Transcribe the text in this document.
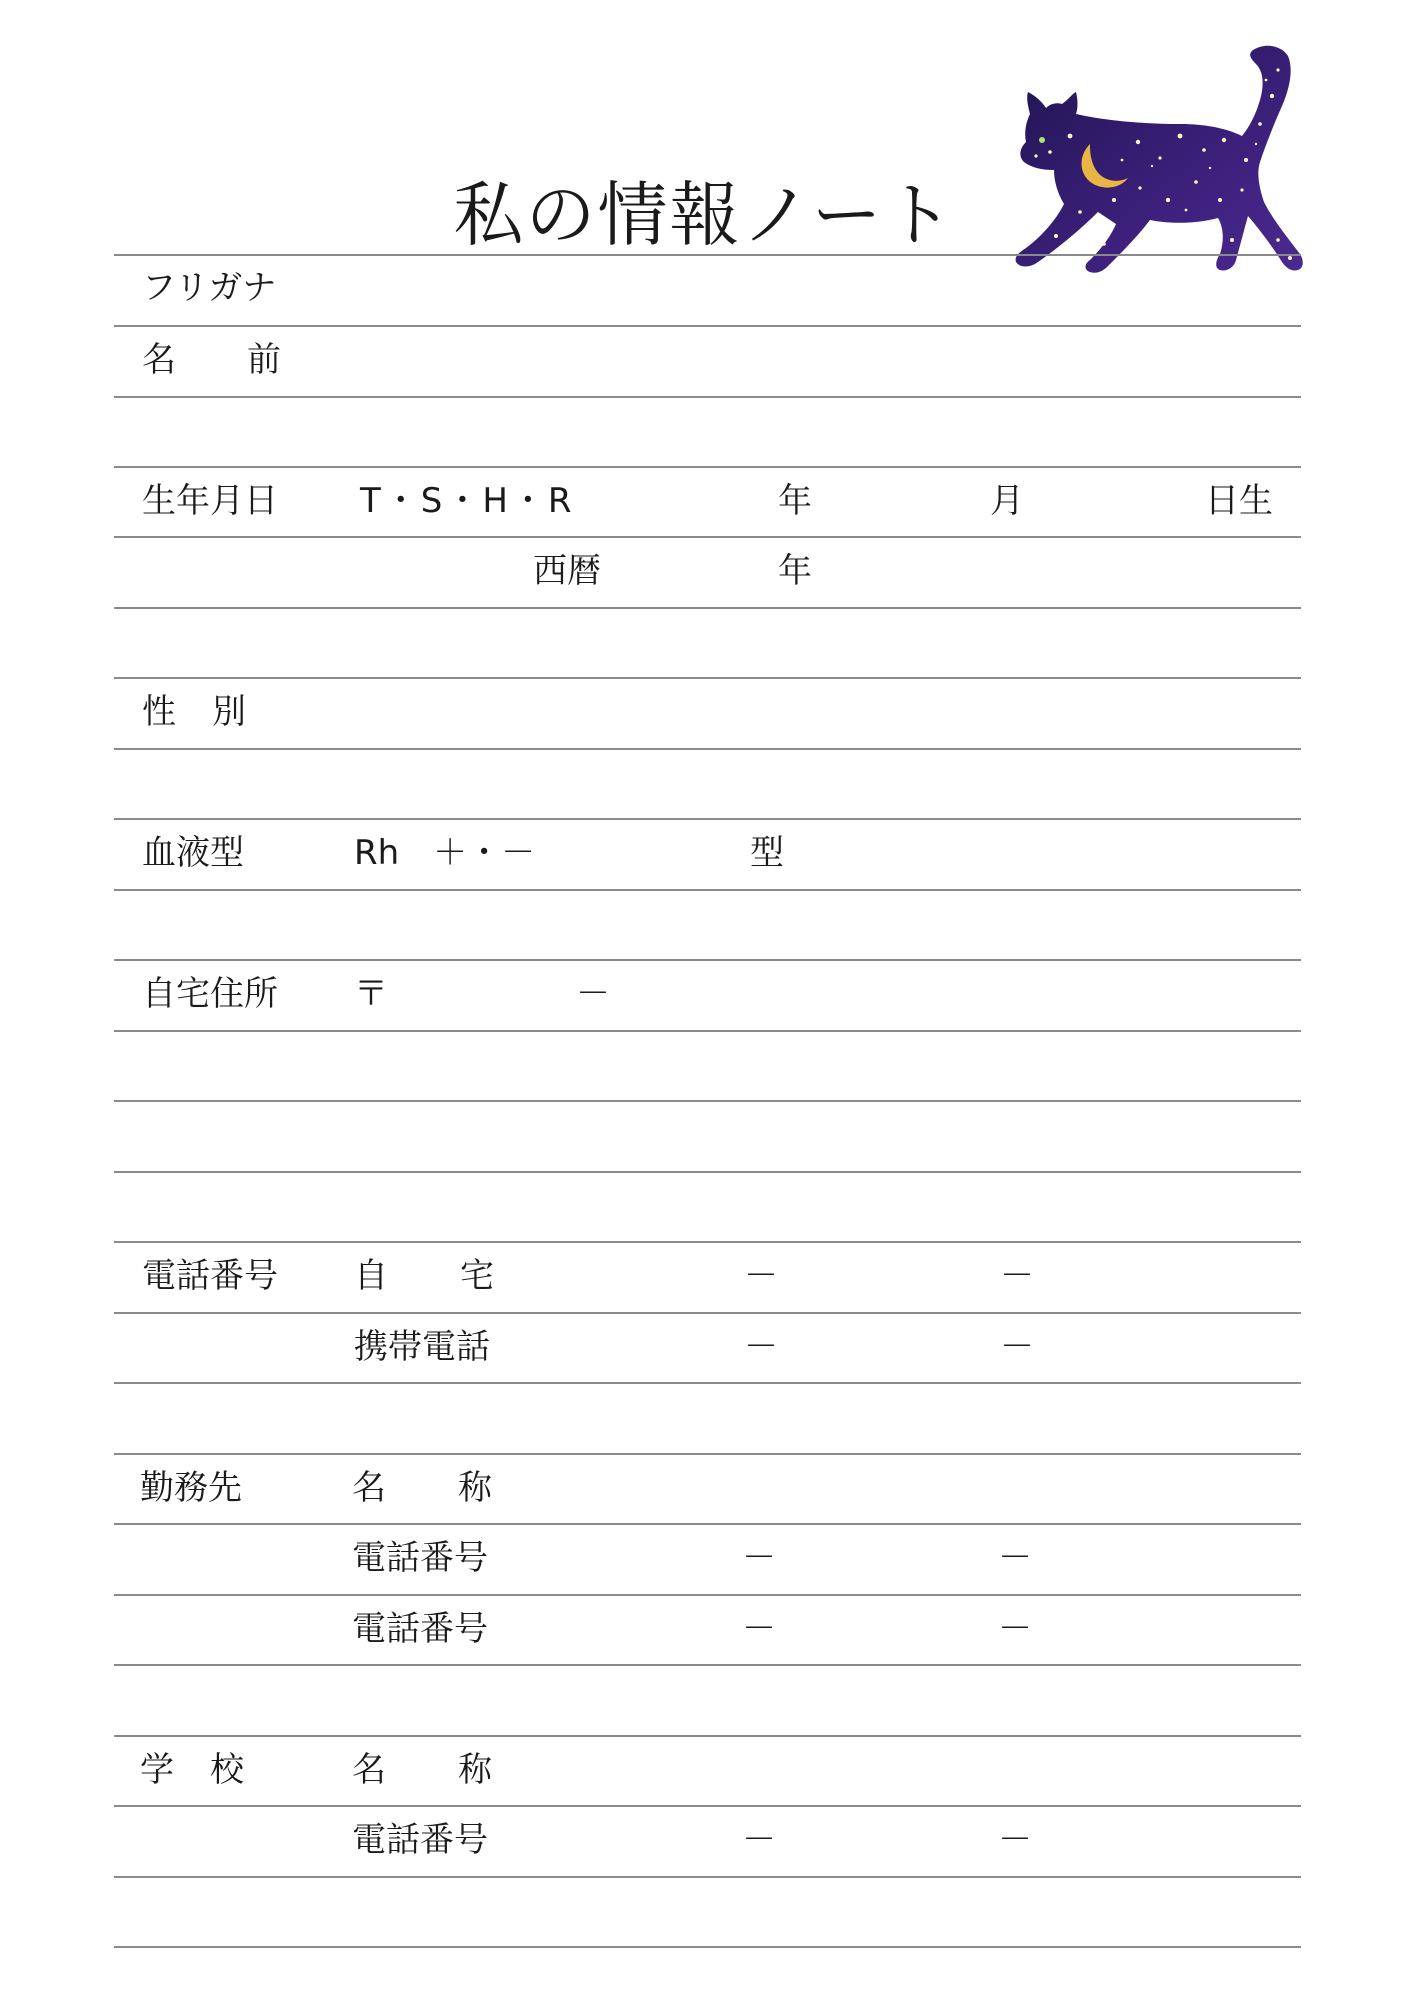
私の情報ノート
フリガナ
名 前
生年月日 T・S・H・R	年	月	日生
西暦	年
性 別
血液型	Rh　＋・－	型
自宅住所 〒	－
電話番号 自 宅	－	－
携帯電話	－	－
勤務先	名 称
電話番号	－	－
電話番号	－	－
学 校	名 称
電話番号	－	－
